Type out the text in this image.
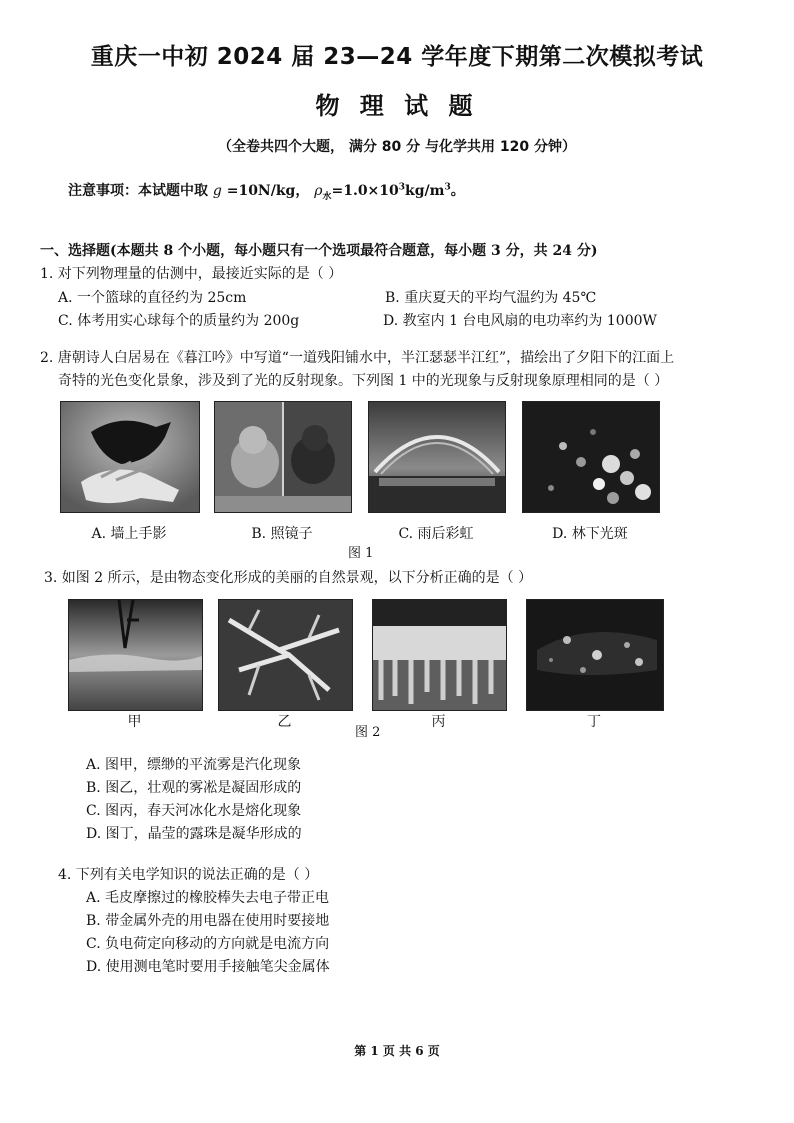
重庆一中初 2024 届 23—24 学年度下期第二次模拟考试
物 理 试 题
（全卷共四个大题， 满分 80 分 与化学共用 120 分钟）
注意事项：本试题中取 g =10N/kg， $\rho_水=1.0\times 10^3kg/m^3$。
一、选择题(本题共 8 个小题，每小题只有一个选项最符合题意，每小题 3 分，共 24 分)
1. 对下列物理量的估测中，最接近实际的是（ ）
A. 一个篮球的直径约为 25cm	B. 重庆夏天的平均气温约为 45℃
C. 体考用实心球每个的质量约为 200g	D. 教室内 1 台电风扇的电功率约为 1000W
2. 唐朝诗人白居易在《暮江吟》中写道“一道残阳铺水中，半江瑟瑟半江红”，描绘出了夕阳下的江面上
奇特的光色变化景象，涉及到了光的反射现象。下列图 1 中的光现象与反射现象原理相同的是（ ）
A. 墙上手影	B. 照镜子	C. 雨后彩虹	D. 林下光斑
图 1
3. 如图 2 所示，是由物态变化形成的美丽的自然景观，以下分析正确的是（ ）
甲	乙	丙	丁
图 2
A. 图甲，缥缈的平流雾是汽化现象
B. 图乙，壮观的雾凇是凝固形成的
C. 图丙，春天河冰化水是熔化现象
D. 图丁，晶莹的露珠是凝华形成的
4. 下列有关电学知识的说法正确的是（ ）
A. 毛皮摩擦过的橡胶棒失去电子带正电
B. 带金属外壳的用电器在使用时要接地
C. 负电荷定向移动的方向就是电流方向
D. 使用测电笔时要用手接触笔尖金属体
第 1 页 共 6 页
